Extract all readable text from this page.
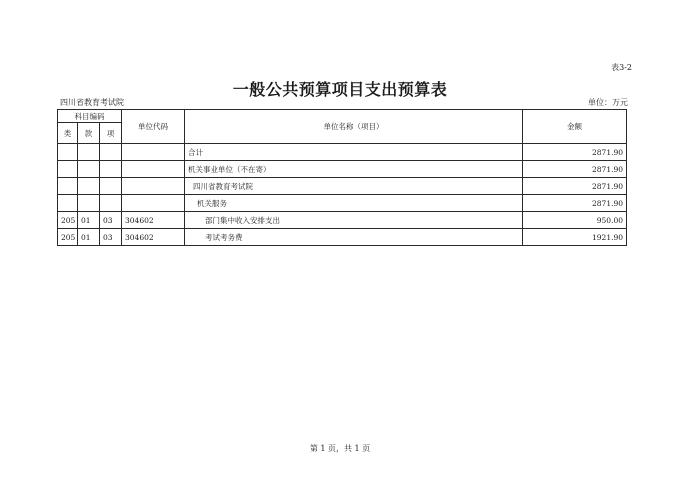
表3-2
一般公共预算项目支出预算表
四川省教育考试院	单位：万元
科目编码			单位代码	单位名称（项目）	金额
类	款	项			
				合计	2871.90
				机关事业单位（不在寄）	2871.90
				四川省教育考试院	2871.90
				机关服务	2871.90
205	01	03	304602	部门集中收入安排支出	950.00
205	01	03	304602	考试考务费	1921.90
第 1 页，共 1 页
